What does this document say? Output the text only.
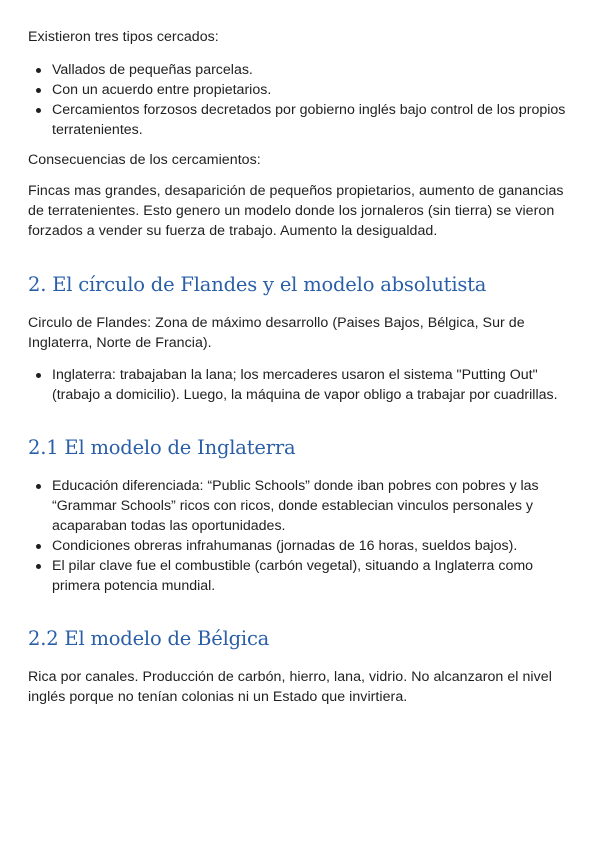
Existieron tres tipos cercados:

Vallados de pequeñas parcelas.
Con un acuerdo entre propietarios.
Cercamientos forzosos decretados por gobierno inglés bajo control de los propios terratenientes.

Consecuencias de los cercamientos:

Fincas mas grandes, desaparición de pequeños propietarios, aumento de ganancias de terratenientes. Esto genero un modelo donde los jornaleros (sin tierra) se vieron forzados a vender su fuerza de trabajo. Aumento la desigualdad.

2. El círculo de Flandes y el modelo absolutista

Circulo de Flandes: Zona de máximo desarrollo (Paises Bajos, Bélgica, Sur de Inglaterra, Norte de Francia).

Inglaterra: trabajaban la lana; los mercaderes usaron el sistema "Putting Out" (trabajo a domicilio). Luego, la máquina de vapor obligo a trabajar por cuadrillas.
2.1 El modelo de Inglaterra
Educación diferenciada: “Public Schools” donde iban pobres con pobres y las “Grammar Schools” ricos con ricos, donde establecian vinculos personales y acaparaban todas las oportunidades.
Condiciones obreras infrahumanas (jornadas de 16 horas, sueldos bajos).
El pilar clave fue el combustible (carbón vegetal), situando a Inglaterra como primera potencia mundial.
2.2 El modelo de Bélgica

Rica por canales. Producción de carbón, hierro, lana, vidrio. No alcanzaron el nivel inglés porque no tenían colonias ni un Estado que invirtiera.
